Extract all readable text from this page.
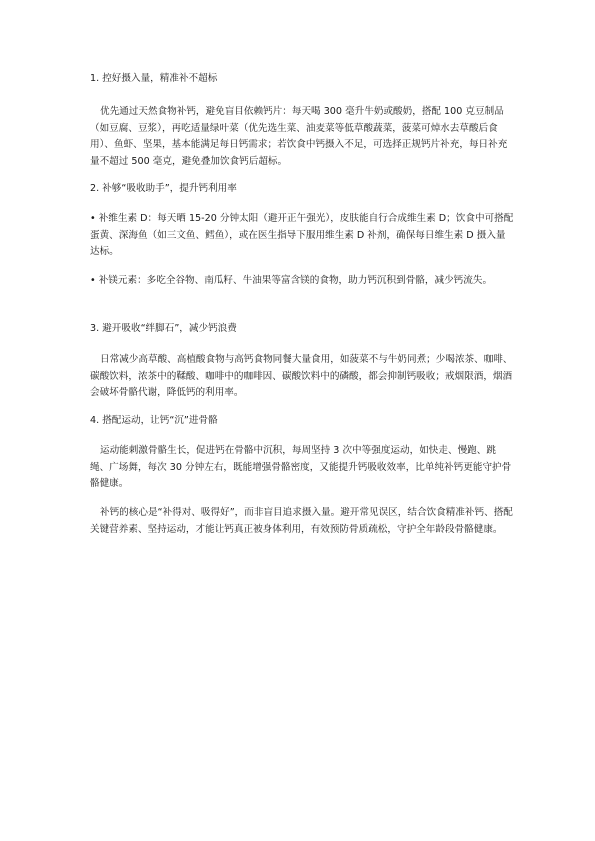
1. 控好摄入量，精准补不超标

优先通过天然食物补钙，避免盲目依赖钙片：每天喝 300 毫升牛奶或酸奶，搭配 100 克豆制品（如豆腐、豆浆），再吃适量绿叶菜（优先选生菜、油麦菜等低草酸蔬菜，菠菜可焯水去草酸后食用）、鱼虾、坚果，基本能满足每日钙需求；若饮食中钙摄入不足，可选择正规钙片补充，每日补充量不超过 500 毫克，避免叠加饮食钙后超标。

2. 补够“吸收助手”，提升钙利用率

• 补维生素 D：每天晒 15-20 分钟太阳（避开正午强光），皮肤能自行合成维生素 D；饮食中可搭配蛋黄、深海鱼（如三文鱼、鳕鱼），或在医生指导下服用维生素 D 补剂，确保每日维生素 D 摄入量达标。

• 补镁元素：多吃全谷物、南瓜籽、牛油果等富含镁的食物，助力钙沉积到骨骼，减少钙流失。

3. 避开吸收“绊脚石”，减少钙浪费

日常减少高草酸、高植酸食物与高钙食物同餐大量食用，如菠菜不与牛奶同煮；少喝浓茶、咖啡、碳酸饮料，浓茶中的鞣酸、咖啡中的咖啡因、碳酸饮料中的磷酸，都会抑制钙吸收；戒烟限酒，烟酒会破坏骨骼代谢，降低钙的利用率。

4. 搭配运动，让钙“沉”进骨骼

运动能刺激骨骼生长，促进钙在骨骼中沉积，每周坚持 3 次中等强度运动，如快走、慢跑、跳绳、广场舞，每次 30 分钟左右，既能增强骨骼密度，又能提升钙吸收效率，比单纯补钙更能守护骨骼健康。

补钙的核心是“补得对、吸得好”，而非盲目追求摄入量。避开常见误区，结合饮食精准补钙、搭配关键营养素、坚持运动，才能让钙真正被身体利用，有效预防骨质疏松，守护全年龄段骨骼健康。
